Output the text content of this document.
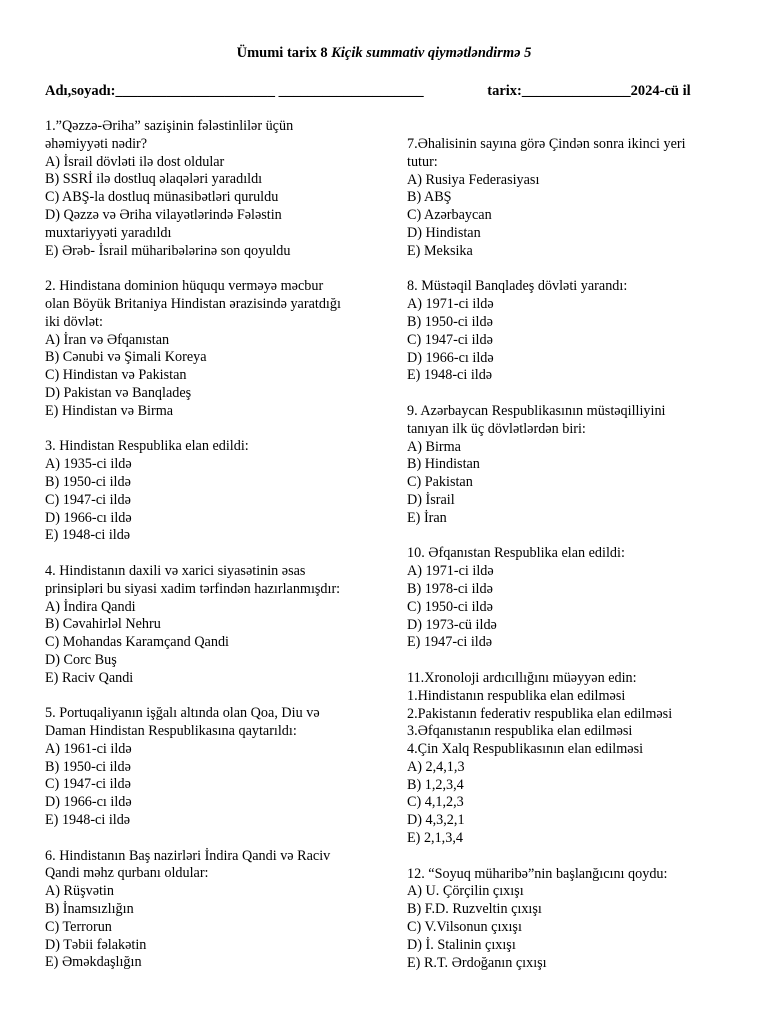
Ümumi tarix 8 Kiçik summativ qiymətləndirmə 5
Adı,soyadı:______________________ ____________________	tarix:_______________2024-cü il
1.”Qəzzə-Əriha” sazişinin fələstinlilər üçün
əhəmiyyəti nədir?
A) İsrail dövləti ilə dost oldular
B) SSRİ ilə dostluq əlaqələri yaradıldı
C) ABŞ-la dostluq münasibətləri quruldu
D) Qəzzə və Əriha vilayətlərində Fələstin
muxtariyyəti yaradıldı
E) Ərəb- İsrail müharibələrinə son qoyuldu
2. Hindistana dominion hüququ verməyə məcbur
olan Böyük Britaniya Hindistan ərazisində yaratdığı
iki dövlət:
A) İran və Əfqanıstan
B) Cənubi və Şimali Koreya
C) Hindistan və Pakistan
D) Pakistan və Banqladeş
E) Hindistan və Birma
3. Hindistan Respublika elan edildi:
A) 1935-ci ildə
B) 1950-ci ildə
C) 1947-ci ildə
D) 1966-cı ildə
E) 1948-ci ildə
4. Hindistanın daxili və xarici siyasətinin əsas
prinsipləri bu siyasi xadim tərfindən hazırlanmışdır:
A) İndira Qandi
B) Cəvahirləl Nehru
C) Mohandas Karamçand Qandi
D) Corc Buş
E) Raciv Qandi
5. Portuqaliyanın işğalı altında olan Qoa, Diu və
Daman Hindistan Respublikasına qaytarıldı:
A) 1961-ci ildə
B) 1950-ci ildə
C) 1947-ci ildə
D) 1966-cı ildə
E) 1948-ci ildə
6. Hindistanın Baş nazirləri İndira Qandi və Raciv
Qandi məhz qurbanı oldular:
A) Rüşvətin
B) İnamsızlığın
C) Terrorun
D) Təbii fəlakətin
E) Əməkdaşlığın
7.Əhalisinin sayına görə Çindən sonra ikinci yeri
tutur:
A) Rusiya Federasiyası
B) ABŞ
C) Azərbaycan
D) Hindistan
E) Meksika
8. Müstəqil Banqladeş dövləti yarandı:
A) 1971-ci ildə
B) 1950-ci ildə
C) 1947-ci ildə
D) 1966-cı ildə
E) 1948-ci ildə
9. Azərbaycan Respublikasının müstəqilliyini
tanıyan ilk üç dövlətlərdən biri:
A) Birma
B) Hindistan
C) Pakistan
D) İsrail
E) İran
10. Əfqanıstan Respublika elan edildi:
A) 1971-ci ildə
B) 1978-ci ildə
C) 1950-ci ildə
D) 1973-cü ildə
E) 1947-ci ildə
11.Xronoloji ardıcıllığını müəyyən edin:
1.Hindistanın respublika elan edilməsi
2.Pakistanın federativ respublika elan edilməsi
3.Əfqanıstanın respublika elan edilməsi
4.Çin Xalq Respublikasının elan edilməsi
A) 2,4,1,3
B) 1,2,3,4
C) 4,1,2,3
D) 4,3,2,1
E) 2,1,3,4
12. “Soyuq müharibə”nin başlanğıcını qoydu:
A) U. Çörçilin çıxışı
B) F.D. Ruzveltin çıxışı
C) V.Vilsonun çıxışı
D) İ. Stalinin çıxışı
E) R.T. Ərdoğanın çıxışı
